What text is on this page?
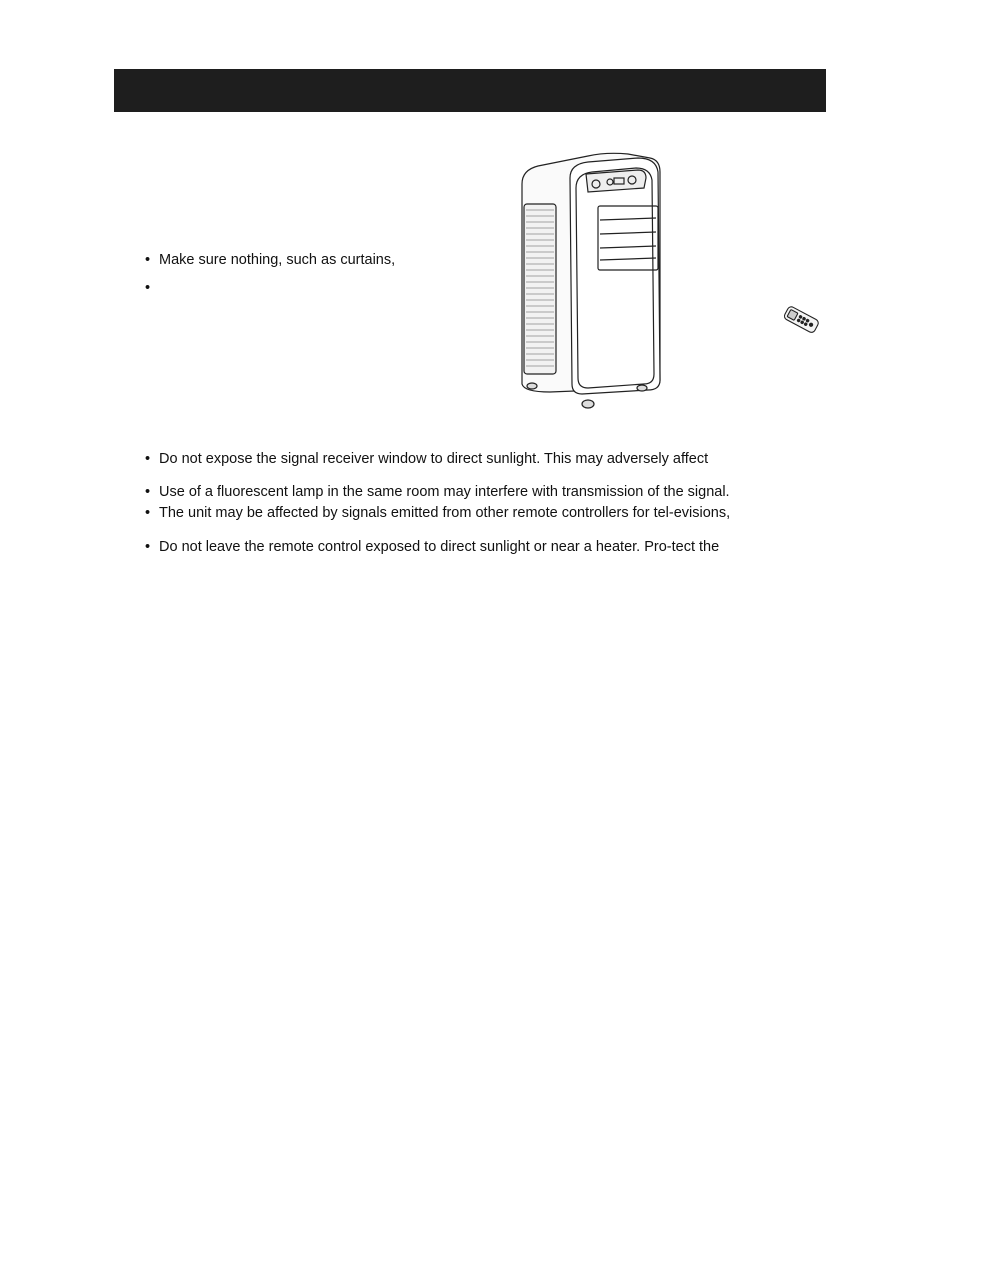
• Make sure nothing, such as curtains,
•
• Do not expose the signal receiver window to direct sunlight. This may adversely affect
• Use of a fluorescent lamp in the same room may interfere with transmission of the signal.
• The unit may be affected by signals emitted from other remote controllers for tel-evisions,
• Do not leave the remote control exposed to direct sunlight or near a heater. Pro-tect the
